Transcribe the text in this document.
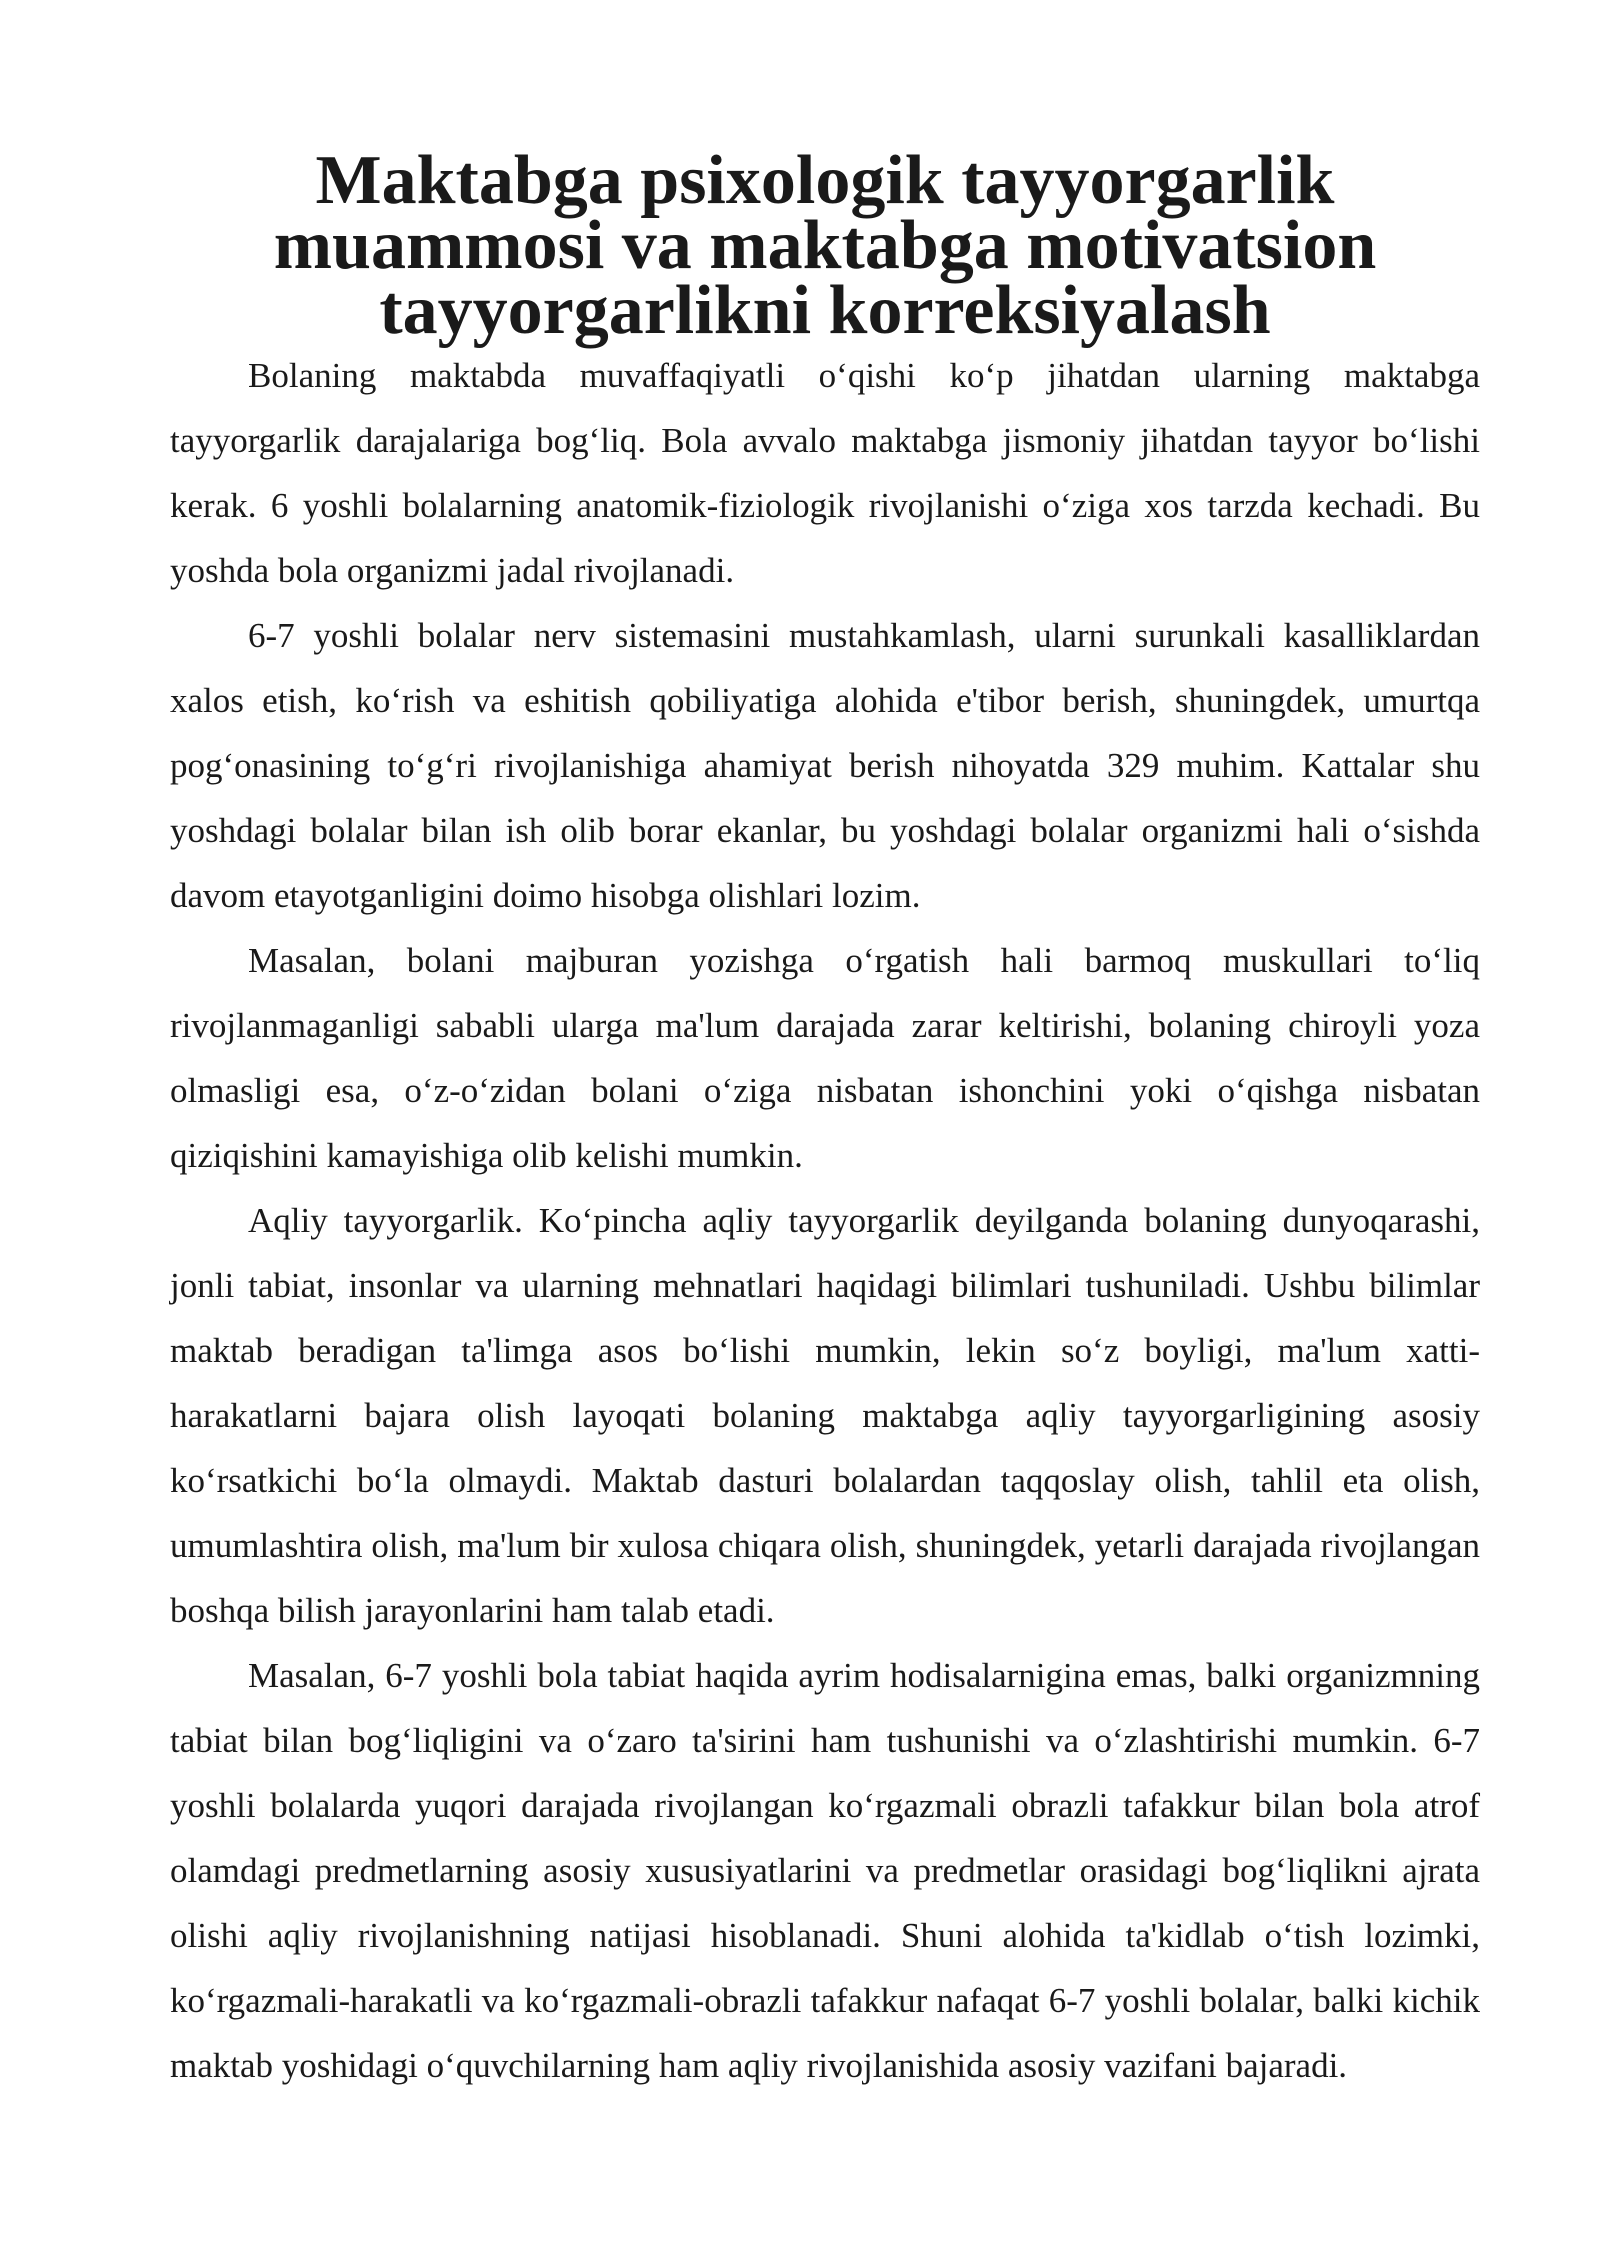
Maktabga psixologik tayyorgarlik muammosi va maktabga motivatsion tayyorgarlikni korreksiyalash

Bolaning maktabda muvaffaqiyatli o‘qishi ko‘p jihatdan ularning maktabga tayyorgarlik darajalariga bog‘liq. Bola avvalo maktabga jismoniy jihatdan tayyor bo‘lishi kerak. 6 yoshli bolalarning anatomik-fiziologik rivojlanishi o‘ziga xos tarzda kechadi. Bu yoshda bola organizmi jadal rivojlanadi.

6-7 yoshli bolalar nerv sistemasini mustahkamlash, ularni surunkali kasalliklardan xalos etish, ko‘rish va eshitish qobiliyatiga alohida e'tibor berish, shuningdek, umurtqa pog‘onasining to‘g‘ri rivojlanishiga ahamiyat berish nihoyatda 329 muhim. Kattalar shu yoshdagi bolalar bilan ish olib borar ekanlar, bu yoshdagi bolalar organizmi hali o‘sishda davom etayotganligini doimo hisobga olishlari lozim.

Masalan, bolani majburan yozishga o‘rgatish hali barmoq muskullari to‘liq rivojlanmaganligi sababli ularga ma'lum darajada zarar keltirishi, bolaning chiroyli yoza olmasligi esa, o‘z-o‘zidan bolani o‘ziga nisbatan ishonchini yoki o‘qishga nisbatan qiziqishini kamayishiga olib kelishi mumkin.

Aqliy tayyorgarlik. Ko‘pincha aqliy tayyorgarlik deyilganda bolaning dunyoqarashi, jonli tabiat, insonlar va ularning mehnatlari haqidagi bilimlari tushuniladi. Ushbu bilimlar maktab beradigan ta'limga asos bo‘lishi mumkin, lekin so‘z boyligi, ma'lum xatti-harakatlarni bajara olish layoqati bolaning maktabga aqliy tayyorgarligining asosiy ko‘rsatkichi bo‘la olmaydi. Maktab dasturi bolalardan taqqoslay olish, tahlil eta olish, umumlashtira olish, ma'lum bir xulosa chiqara olish, shuningdek, yetarli darajada rivojlangan boshqa bilish jarayonlarini ham talab etadi.

Masalan, 6-7 yoshli bola tabiat haqida ayrim hodisalarnigina emas, balki organizmning tabiat bilan bog‘liqligini va o‘zaro ta'sirini ham tushunishi va o‘zlashtirishi mumkin. 6-7 yoshli bolalarda yuqori darajada rivojlangan ko‘rgazmali obrazli tafakkur bilan bola atrof olamdagi predmetlarning asosiy xususiyatlarini va predmetlar orasidagi bog‘liqlikni ajrata olishi aqliy rivojlanishning natijasi hisoblanadi. Shuni alohida ta'kidlab o‘tish lozimki, ko‘rgazmali-harakatli va ko‘rgazmali-obrazli tafakkur nafaqat 6-7 yoshli bolalar, balki kichik maktab yoshidagi o‘quvchilarning ham aqliy rivojlanishida asosiy vazifani bajaradi.
